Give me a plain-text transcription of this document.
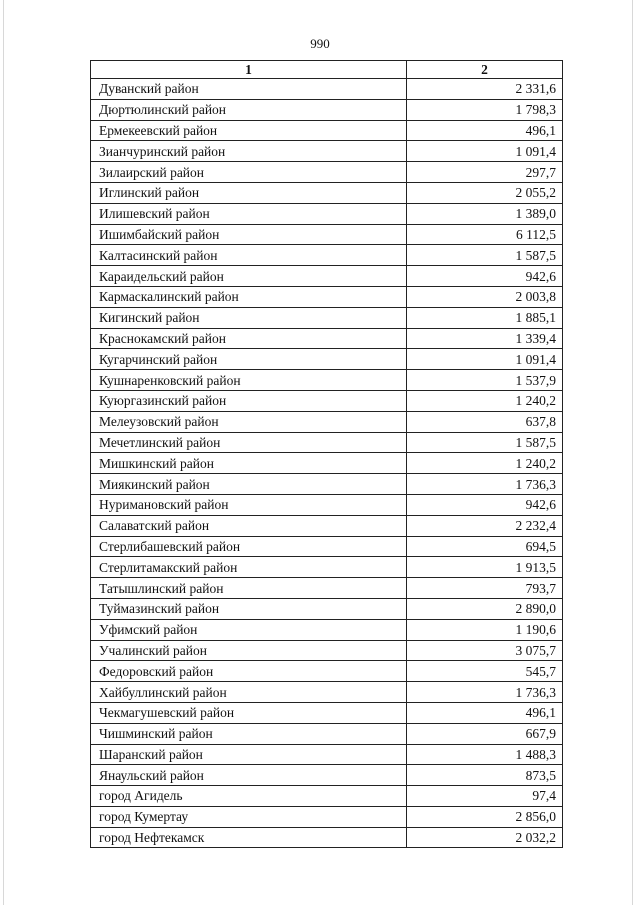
990
1	2
Дуванский район	2 331,6
Дюртюлинский район	1 798,3
Ермекеевский район	496,1
Зианчуринский район	1 091,4
Зилаирский район	297,7
Иглинский район	2 055,2
Илишевский район	1 389,0
Ишимбайский район	6 112,5
Калтасинский район	1 587,5
Караидельский район	942,6
Кармаскалинский район	2 003,8
Кигинский район	1 885,1
Краснокамский район	1 339,4
Кугарчинский район	1 091,4
Кушнаренковский район	1 537,9
Куюргазинский район	1 240,2
Мелеузовский район	637,8
Мечетлинский район	1 587,5
Мишкинский район	1 240,2
Миякинский район	1 736,3
Нуримановский район	942,6
Салаватский район	2 232,4
Стерлибашевский район	694,5
Стерлитамакский район	1 913,5
Татышлинский район	793,7
Туймазинский район	2 890,0
Уфимский район	1 190,6
Учалинский район	3 075,7
Федоровский район	545,7
Хайбуллинский район	1 736,3
Чекмагушевский район	496,1
Чишминский район	667,9
Шаранский район	1 488,3
Янаульский район	873,5
город Агидель	97,4
город Кумертау	2 856,0
город Нефтекамск	2 032,2
